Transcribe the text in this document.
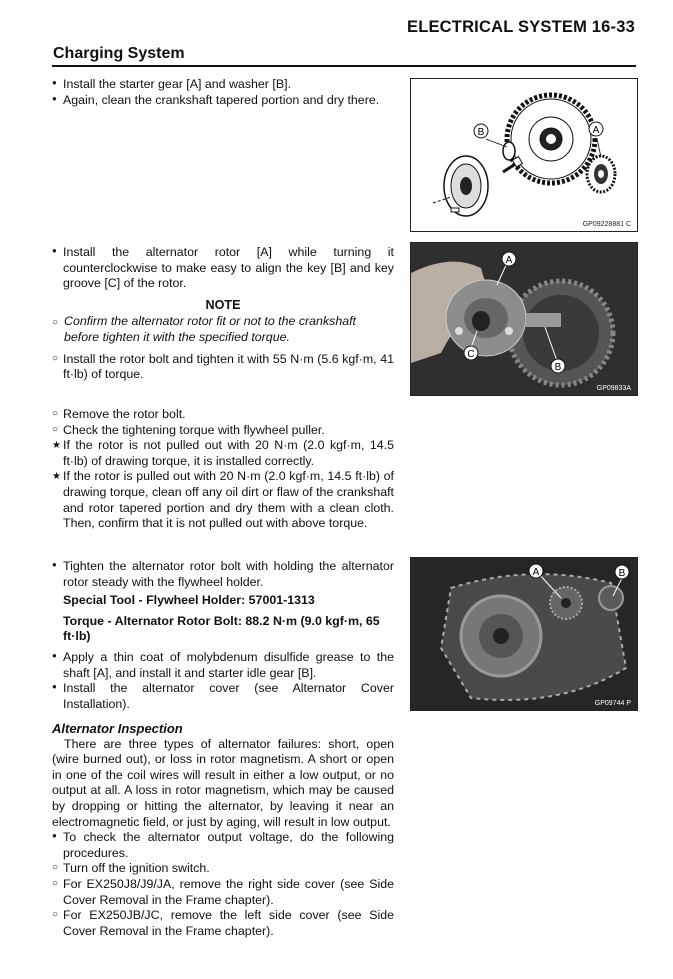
ELECTRICAL SYSTEM 16-33
Charging System
●
Install the starter gear [A] and washer [B].
●
Again, clean the crankshaft tapered portion and dry there.
●
Install the alternator rotor [A] while turning it counterclockwise to make easy to align the key [B] and key groove [C] of the rotor.
NOTE
○
Confirm the alternator rotor fit or not to the crankshaft before tighten it with the specified torque.
○
Install the rotor bolt and tighten it with 55 N·m (5.6 kgf·m, 41 ft·lb) of torque.
○
Remove the rotor bolt.
○
Check the tightening torque with flywheel puller.
★
If the rotor is not pulled out with 20 N·m (2.0 kgf·m, 14.5 ft·lb) of drawing torque, it is installed correctly.
★
If the rotor is pulled out with 20 N·m (2.0 kgf·m, 14.5 ft·lb) of drawing torque, clean off any oil dirt or flaw of the crankshaft and rotor tapered portion and dry them with a clean cloth. Then, confirm that it is not pulled out with above torque.
●
Tighten the alternator rotor bolt with holding the alternator rotor steady with the flywheel holder.
Special Tool - Flywheel Holder: 57001-1313
Torque - Alternator Rotor Bolt: 88.2 N·m (9.0 kgf·m, 65 ft·lb)
●
Apply a thin coat of molybdenum disulfide grease to the shaft [A], and install it and starter idle gear [B].
●
Install the alternator cover (see Alternator Cover Installation).
Alternator Inspection
There are three types of alternator failures: short, open (wire burned out), or loss in rotor magnetism. A short or open in one of the coil wires will result in either a low output, or no output at all. A loss in rotor magnetism, which may be caused by dropping or hitting the alternator, by leaving it near an electromagnetic field, or just by aging, will result in low output.
●
To check the alternator output voltage, do the following procedures.
○
Turn off the ignition switch.
○
For EX250J8/J9/JA, remove the right side cover (see Side Cover Removal in the Frame chapter).
○
For EX250JB/JC, remove the left side cover (see Side Cover Removal in the Frame chapter).
B	A
GP09228881 C
A
C
B
GP09833A
A	B
GP09744 P
